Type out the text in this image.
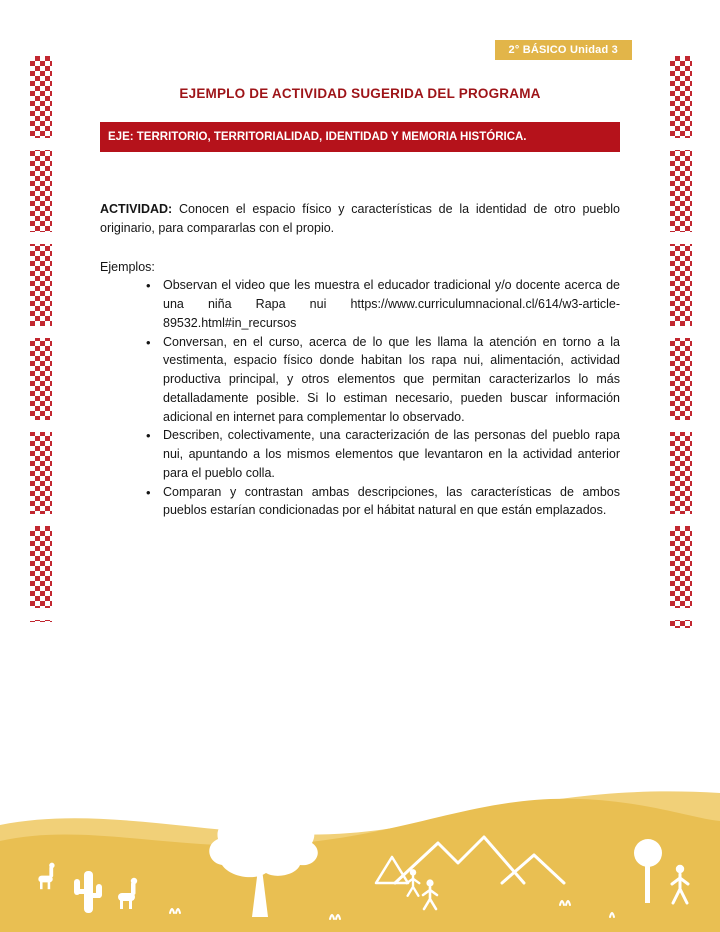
2° BÁSICO Unidad 3
EJEMPLO DE ACTIVIDAD SUGERIDA DEL PROGRAMA
EJE: TERRITORIO, TERRITORIALIDAD, IDENTIDAD Y MEMORIA HISTÓRICA.

ACTIVIDAD: Conocen el espacio físico y características de la identidad de otro pueblo originario, para compararlas con el propio.

Ejemplos:

• Observan el video que les muestra el educador tradicional y/o docente acerca de una niña Rapa nui https://www.curriculumnacional.cl/614/w3-article-89532.html#in_recursos
• Conversan, en el curso, acerca de lo que les llama la atención en torno a la vestimenta, espacio físico donde habitan los rapa nui, alimentación, actividad productiva principal, y otros elementos que permitan caracterizarlos lo más detalladamente posible. Si lo estiman necesario, pueden buscar información adicional en internet para complementar lo observado.
• Describen, colectivamente, una caracterización de las personas del pueblo rapa nui, apuntando a los mismos elementos que levantaron en la actividad anterior para el pueblo colla.
• Comparan y contrastan ambas descripciones, las características de ambos pueblos estarían condicionadas por el hábitat natural en que están emplazados.
